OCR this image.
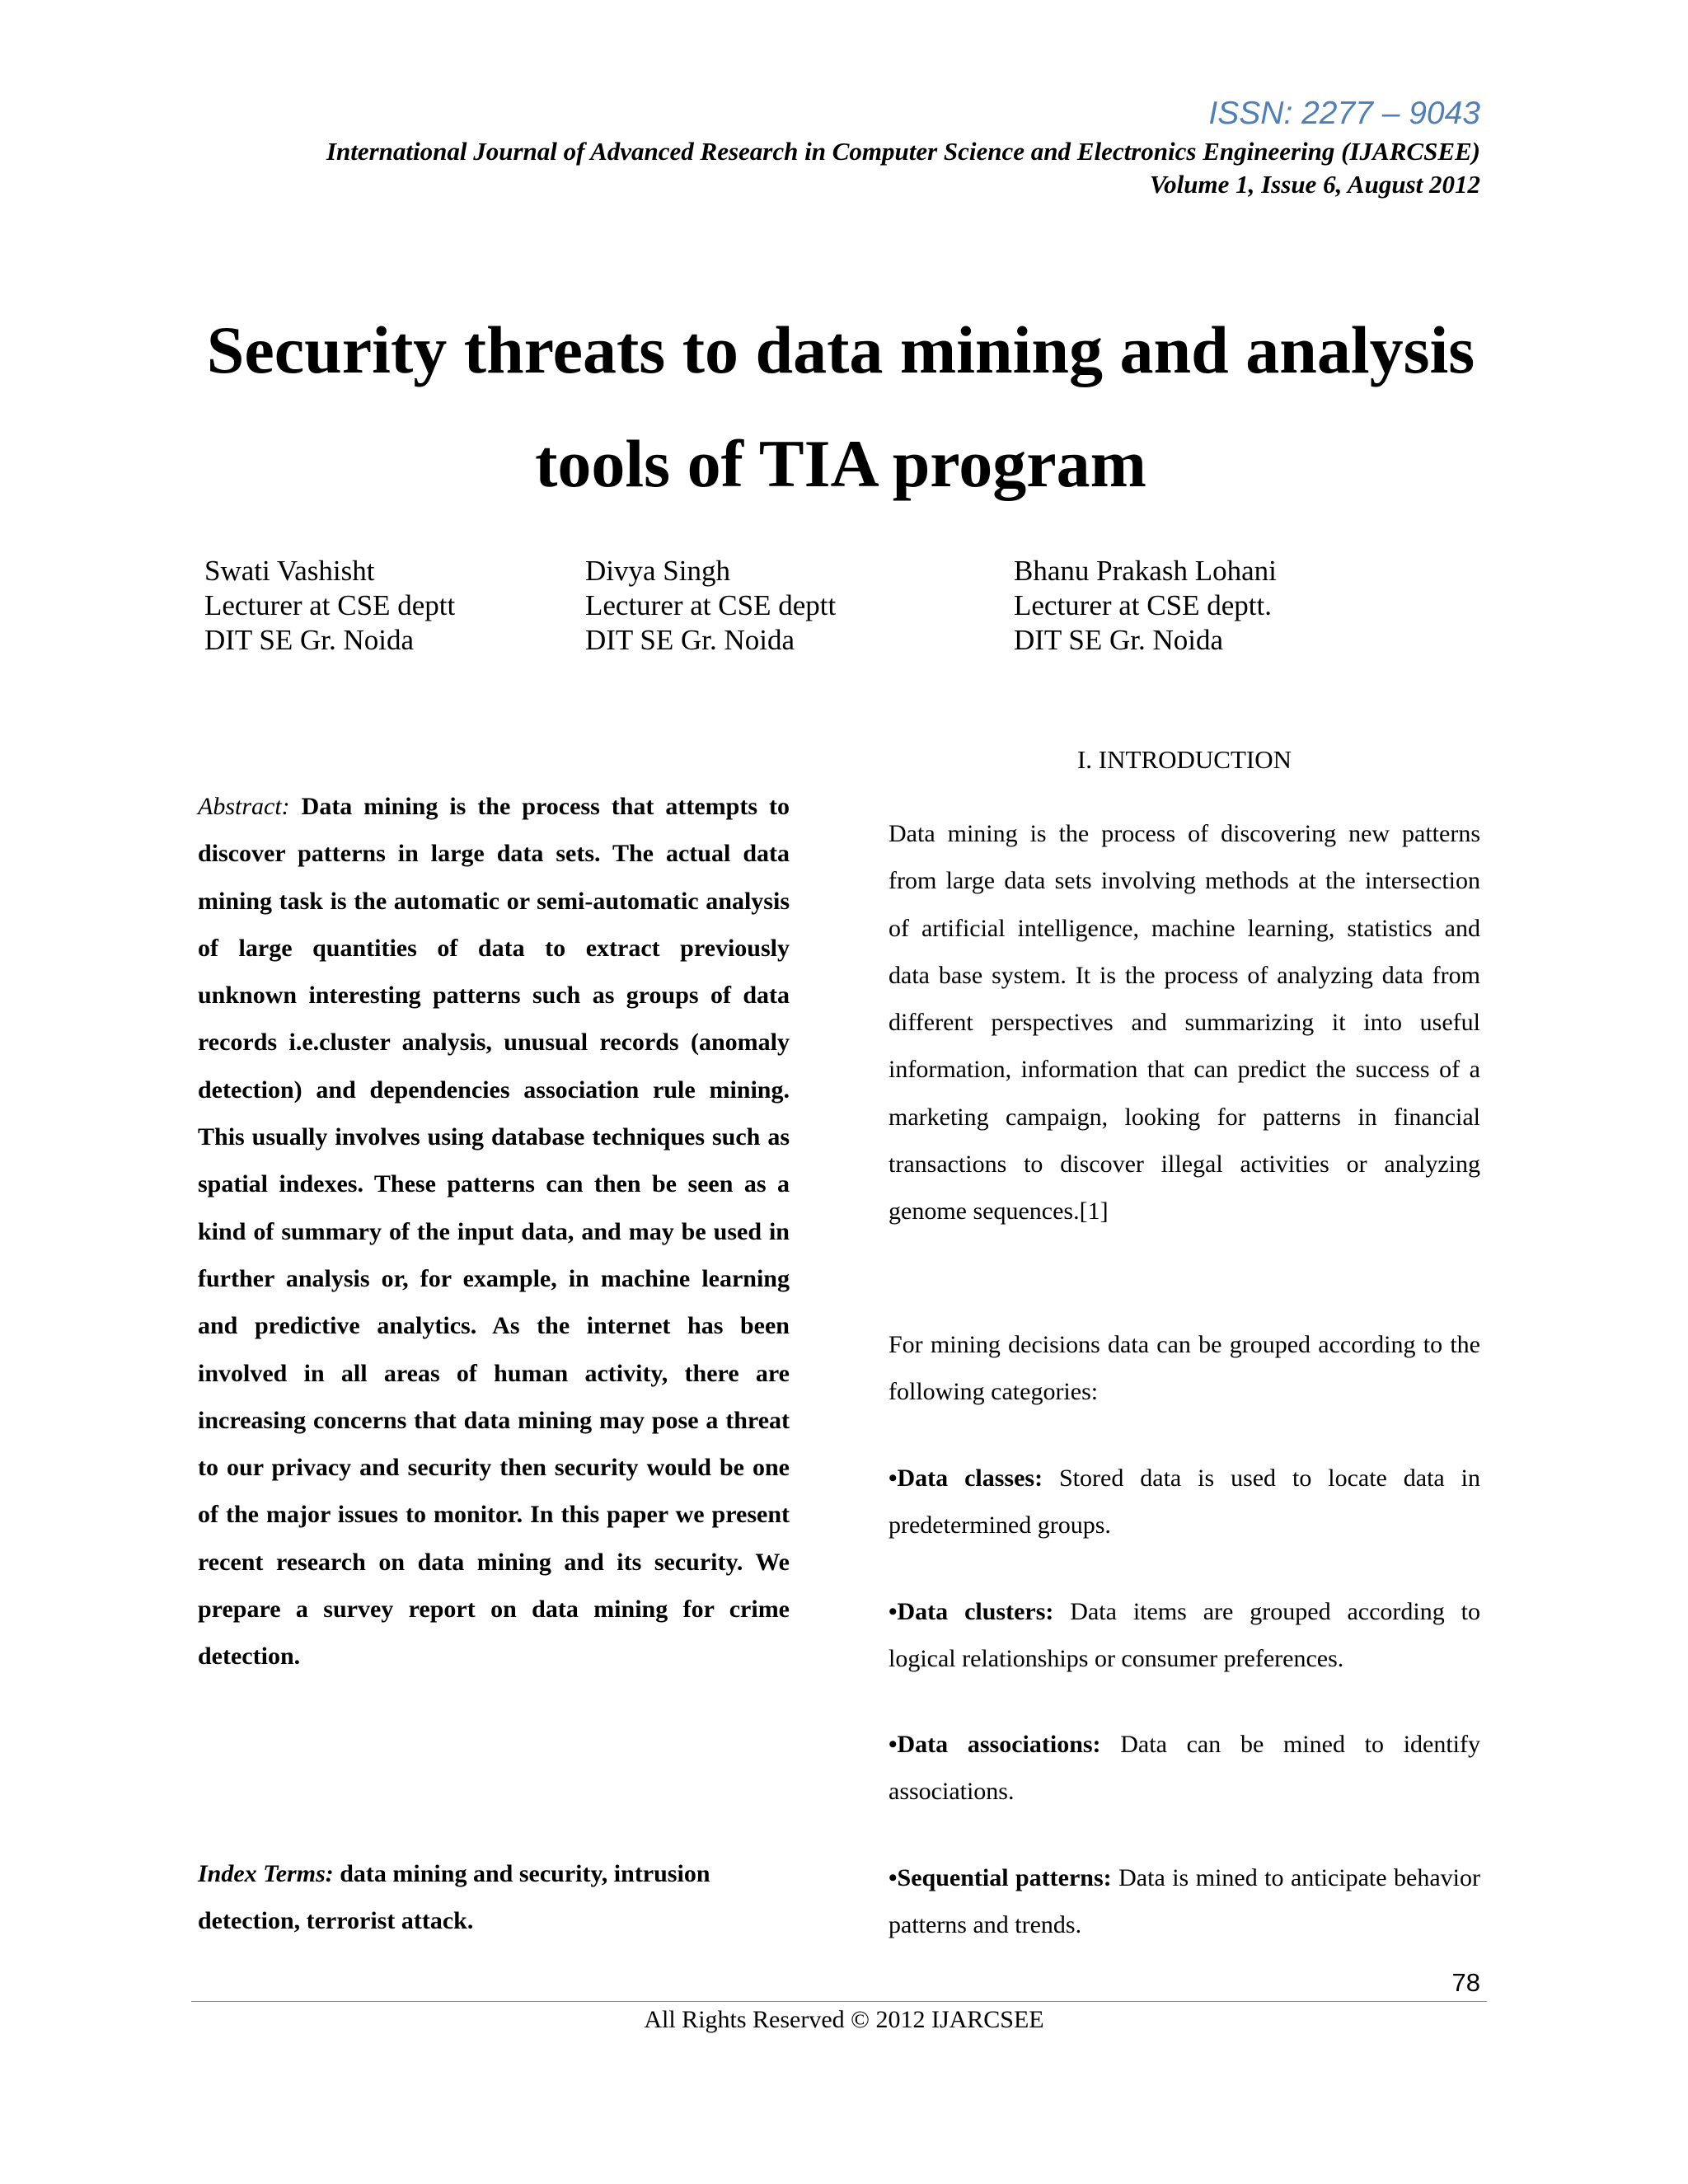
ISSN: 2277 – 9043
International Journal of Advanced Research in Computer Science and Electronics Engineering (IJARCSEE)
Volume 1, Issue 6, August 2012
Security threats to data mining and analysis
tools of TIA program
Swati Vashisht
Lecturer at CSE deptt
DIT SE Gr. Noida
Divya Singh
Lecturer at CSE deptt
DIT SE Gr. Noida
Bhanu Prakash Lohani
Lecturer at CSE deptt.
DIT SE Gr. Noida
Abstract: Data mining is the process that attempts to discover patterns in large data sets. The actual data mining task is the automatic or semi-automatic analysis of large quantities of data to extract previously unknown interesting patterns such as groups of data records i.e.cluster analysis, unusual records (anomaly detection) and dependencies association rule mining. This usually involves using database techniques such as spatial indexes. These patterns can then be seen as a kind of summary of the input data, and may be used in further analysis or, for example, in machine learning and predictive analytics. As the internet has been involved in all areas of human activity, there are increasing concerns that data mining may pose a threat to our privacy and security then security would be one of the major issues to monitor. In this paper we present recent research on data mining and its security. We prepare a survey report on data mining for crime detection.
Index Terms: data mining and security, intrusion detection, terrorist attack.
I. INTRODUCTION
Data mining is the process of discovering new patterns from large data sets involving methods at the intersection of artificial intelligence, machine learning, statistics and data base system. It is the process of analyzing data from different perspectives and summarizing it into useful information, information that can predict the success of a marketing campaign, looking for patterns in financial transactions to discover illegal activities or analyzing genome sequences.[1]
For mining decisions data can be grouped according to the following categories:
•Data classes: Stored data is used to locate data in predetermined groups.
•Data clusters: Data items are grouped according to logical relationships or consumer preferences.
•Data associations: Data can be mined to identify associations.
•Sequential patterns: Data is mined to anticipate behavior patterns and trends.
78
All Rights Reserved © 2012 IJARCSEE
